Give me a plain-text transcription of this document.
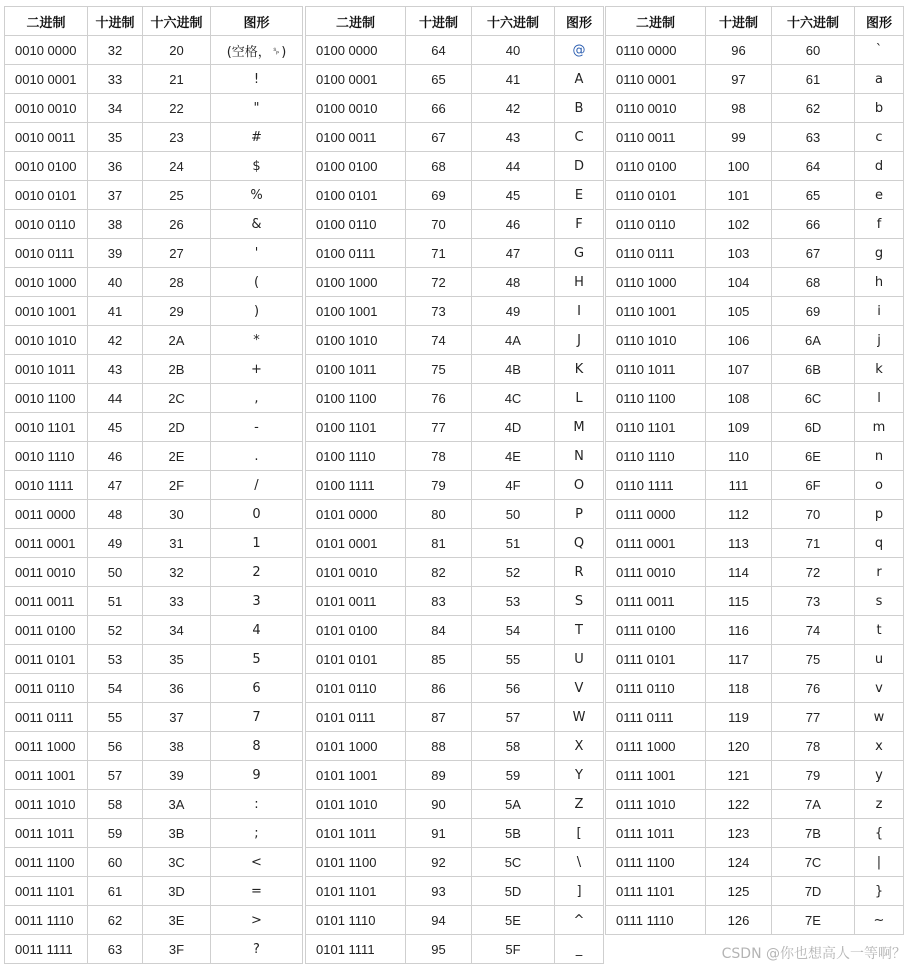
二进制	十进制	十六进制	图形
0010 0000	32	20	(空格，␠)
0010 0001	33	21	!
0010 0010	34	22	"
0010 0011	35	23	#
0010 0100	36	24	$
0010 0101	37	25	%
0010 0110	38	26	&
0010 0111	39	27	'
0010 1000	40	28	(
0010 1001	41	29	)
0010 1010	42	2A	*
0010 1011	43	2B	+
0010 1100	44	2C	,
0010 1101	45	2D	-
0010 1110	46	2E	.
0010 1111	47	2F	/
0011 0000	48	30	0
0011 0001	49	31	1
0011 0010	50	32	2
0011 0011	51	33	3
0011 0100	52	34	4
0011 0101	53	35	5
0011 0110	54	36	6
0011 0111	55	37	7
0011 1000	56	38	8
0011 1001	57	39	9
0011 1010	58	3A	:
0011 1011	59	3B	;
0011 1100	60	3C	<
0011 1101	61	3D	=
0011 1110	62	3E	>
0011 1111	63	3F	?
二进制	十进制	十六进制	图形
0100 0000	64	40	@
0100 0001	65	41	A
0100 0010	66	42	B
0100 0011	67	43	C
0100 0100	68	44	D
0100 0101	69	45	E
0100 0110	70	46	F
0100 0111	71	47	G
0100 1000	72	48	H
0100 1001	73	49	I
0100 1010	74	4A	J
0100 1011	75	4B	K
0100 1100	76	4C	L
0100 1101	77	4D	M
0100 1110	78	4E	N
0100 1111	79	4F	O
0101 0000	80	50	P
0101 0001	81	51	Q
0101 0010	82	52	R
0101 0011	83	53	S
0101 0100	84	54	T
0101 0101	85	55	U
0101 0110	86	56	V
0101 0111	87	57	W
0101 1000	88	58	X
0101 1001	89	59	Y
0101 1010	90	5A	Z
0101 1011	91	5B	[
0101 1100	92	5C	\
0101 1101	93	5D	]
0101 1110	94	5E	^
0101 1111	95	5F	_
二进制	十进制	十六进制	图形
0110 0000	96	60	`
0110 0001	97	61	a
0110 0010	98	62	b
0110 0011	99	63	c
0110 0100	100	64	d
0110 0101	101	65	e
0110 0110	102	66	f
0110 0111	103	67	g
0110 1000	104	68	h
0110 1001	105	69	i
0110 1010	106	6A	j
0110 1011	107	6B	k
0110 1100	108	6C	l
0110 1101	109	6D	m
0110 1110	110	6E	n
0110 1111	111	6F	o
0111 0000	112	70	p
0111 0001	113	71	q
0111 0010	114	72	r
0111 0011	115	73	s
0111 0100	116	74	t
0111 0101	117	75	u
0111 0110	118	76	v
0111 0111	119	77	w
0111 1000	120	78	x
0111 1001	121	79	y
0111 1010	122	7A	z
0111 1011	123	7B	{
0111 1100	124	7C	|
0111 1101	125	7D	}
0111 1110	126	7E	~
CSDN @你也想高人一等啊？
